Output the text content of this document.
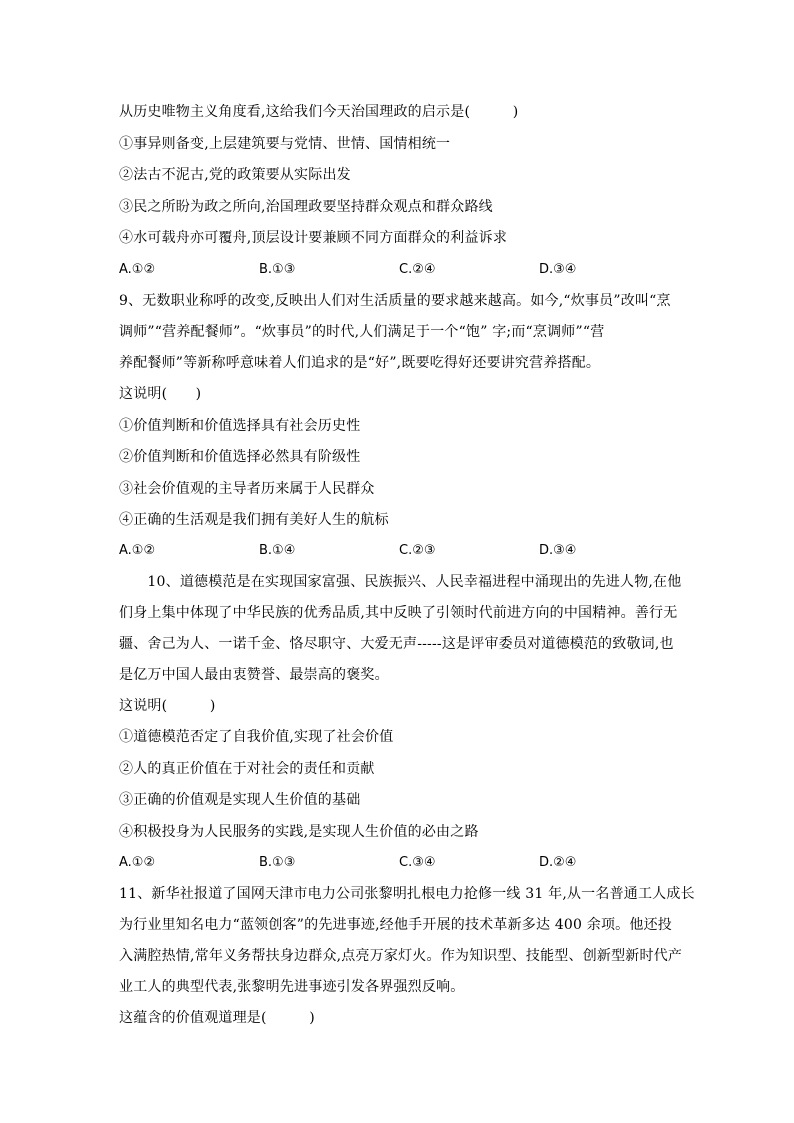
从历史唯物主义角度看,这给我们今天治国理政的启示是(　　　)
①事异则备变,上层建筑要与党情、世情、国情相统一
②法古不泥古,党的政策要从实际出发
③民之所盼为政之所向,治国理政要坚持群众观点和群众路线
④水可载舟亦可覆舟,顶层设计要兼顾不同方面群众的利益诉求
A.①②	B.①③	C.②④	D.③④
9、无数职业称呼的改变,反映出人们对生活质量的要求越来越高。如今,“炊事员”改叫“烹
调师”“营养配餐师”。“炊事员”的时代,人们满足于一个“饱” 字;而“烹调师”“营
养配餐师”等新称呼意味着人们追求的是“好”,既要吃得好还要讲究营养搭配。
这说明(　　)
①价值判断和价值选择具有社会历史性
②价值判断和价值选择必然具有阶级性
③社会价值观的主导者历来属于人民群众
④正确的生活观是我们拥有美好人生的航标
A.①②	B.①④	C.②③	D.③④
　　10、道德模范是在实现国家富强、民族振兴、人民幸福进程中涌现出的先进人物,在他
们身上集中体现了中华民族的优秀品质,其中反映了引领时代前进方向的中国精神。善行无
疆、舍己为人、一诺千金、恪尽职守、大爱无声-----这是评审委员对道德模范的致敬词,也
是亿万中国人最由衷赞誉、最崇高的褒奖。
这说明(　　　)
①道德模范否定了自我价值,实现了社会价值
②人的真正价值在于对社会的责任和贡献
③正确的价值观是实现人生价值的基础
④积极投身为人民服务的实践,是实现人生价值的必由之路
A.①②	B.①③	C.③④	D.②④
11、新华社报道了国网天津市电力公司张黎明扎根电力抢修一线 31 年,从一名普通工人成长
为行业里知名电力“蓝领创客”的先进事迹,经他手开展的技术革新多达 400 余项。他还投
入满腔热情,常年义务帮扶身边群众,点亮万家灯火。作为知识型、技能型、创新型新时代产
业工人的典型代表,张黎明先进事迹引发各界强烈反响。
这蕴含的价值观道理是(　　　)
